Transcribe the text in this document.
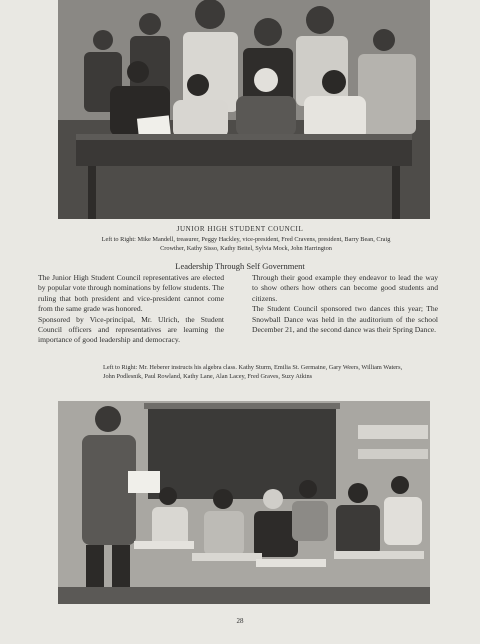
JUNIOR HIGH STUDENT COUNCIL
Left to Right: Mike Mandell, treasurer, Peggy Hackley, vice-president, Fred Cravens, president, Barry Bean, Craig Crowther, Kathy Sisso, Kathy Beitel, Sylvia Mock, John Harrington
Leadership Through Self Government

The Junior High Student Council representatives are elected by popular vote through nominations by fellow students. The ruling that both president and vice-president cannot come from the same grade was honored.

Sponsored by Vice-principal, Mr. Ulrich, the Student Council officers and representatives are learning the importance of good leadership and democracy.

Through their good example they endeavor to lead the way to show others how others can become good students and citizens.

The Student Council sponsored two dances this year; The Snowball Dance was held in the auditorium of the school December 21, and the second dance was their Spring Dance.

Left to Right: Mr. Heberer instructs his algebra class. Kathy Sturm, Emilia St. Germaine, Gary Weers, William Waters, John Podlesnik, Paul Rowland, Kathy Lane, Alan Lacey, Fred Graves, Suzy Atkins
28
